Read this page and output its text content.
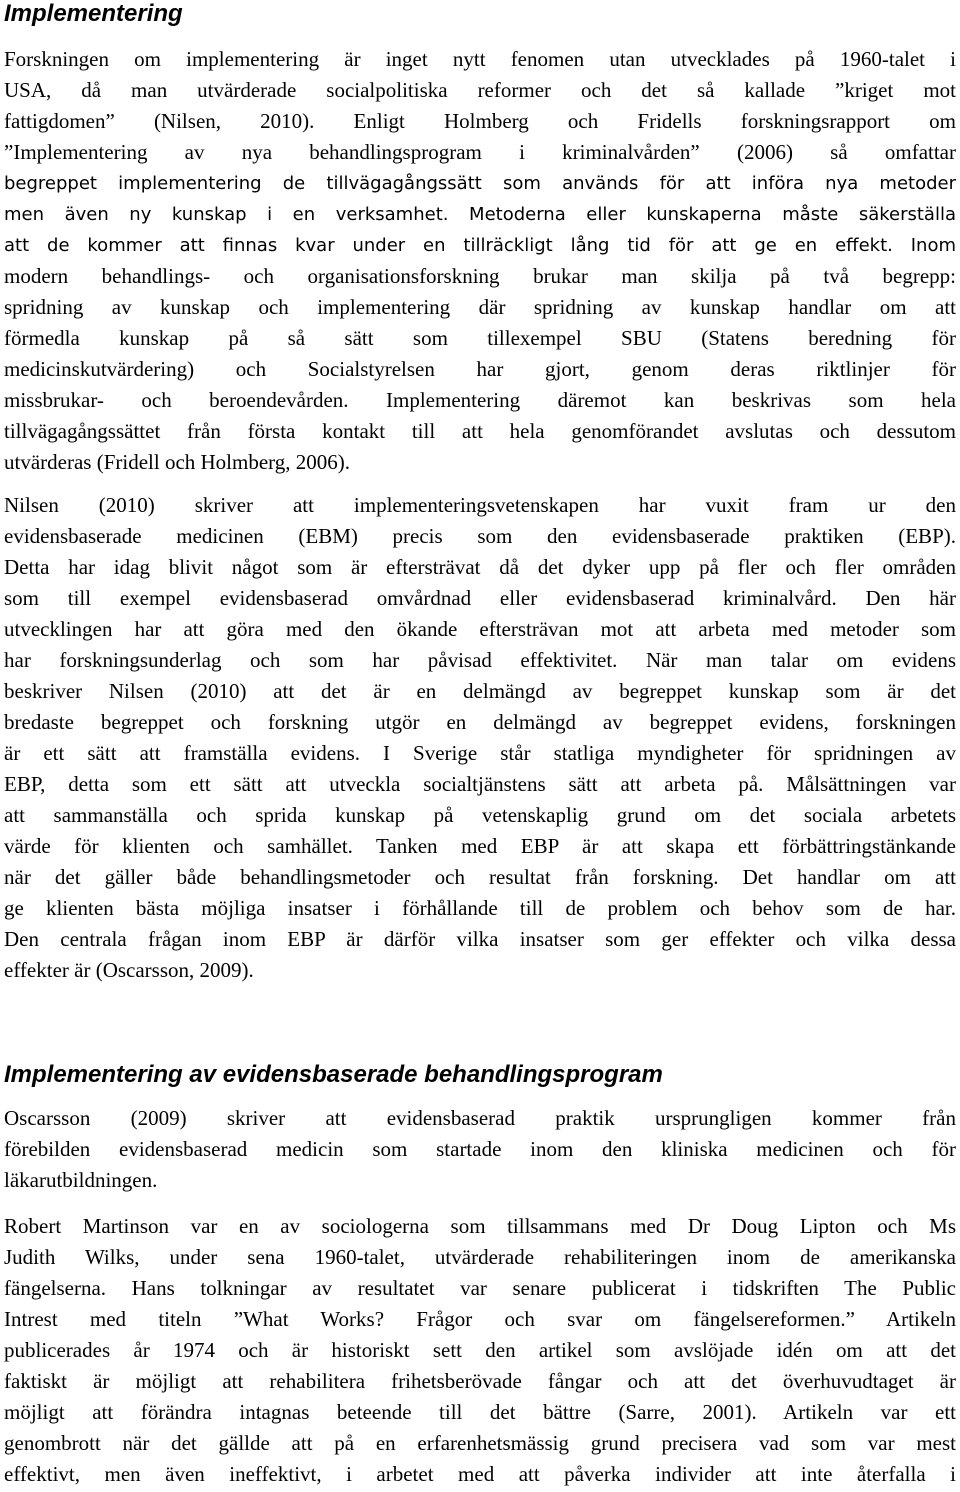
Implementering
Forskningen om implementering är inget nytt fenomen utan utvecklades på 1960-talet i
USA, då man utvärderade socialpolitiska reformer och det så kallade ”kriget mot
fattigdomen” (Nilsen, 2010). Enligt Holmberg och Fridells forskningsrapport om
”Implementering av nya behandlingsprogram i kriminalvården” (2006) så omfattar
begreppet implementering de tillvägagångssätt som används för att införa nya metoder
men även ny kunskap i en verksamhet. Metoderna eller kunskaperna måste säkerställa
att de kommer att finnas kvar under en tillräckligt lång tid för att ge en effekt. Inom
modern behandlings- och organisationsforskning brukar man skilja på två begrepp:
spridning av kunskap och implementering där spridning av kunskap handlar om att
förmedla kunskap på så sätt som tillexempel SBU (Statens beredning för
medicinskutvärdering) och Socialstyrelsen har gjort, genom deras riktlinjer för
missbrukar- och beroendevården. Implementering däremot kan beskrivas som hela
tillvägagångssättet från första kontakt till att hela genomförandet avslutas och dessutom
utvärderas (Fridell och Holmberg, 2006).
Nilsen (2010) skriver att implementeringsvetenskapen har vuxit fram ur den
evidensbaserade medicinen (EBM) precis som den evidensbaserade praktiken (EBP).
Detta har idag blivit något som är eftersträvat då det dyker upp på fler och fler områden
som till exempel evidensbaserad omvårdnad eller evidensbaserad kriminalvård. Den här
utvecklingen har att göra med den ökande eftersträvan mot att arbeta med metoder som
har forskningsunderlag och som har påvisad effektivitet. När man talar om evidens
beskriver Nilsen (2010) att det är en delmängd av begreppet kunskap som är det
bredaste begreppet och forskning utgör en delmängd av begreppet evidens, forskningen
är ett sätt att framställa evidens. I Sverige står statliga myndigheter för spridningen av
EBP, detta som ett sätt att utveckla socialtjänstens sätt att arbeta på. Målsättningen var
att sammanställa och sprida kunskap på vetenskaplig grund om det sociala arbetets
värde för klienten och samhället. Tanken med EBP är att skapa ett förbättringstänkande
när det gäller både behandlingsmetoder och resultat från forskning. Det handlar om att
ge klienten bästa möjliga insatser i förhållande till de problem och behov som de har.
Den centrala frågan inom EBP är därför vilka insatser som ger effekter och vilka dessa
effekter är (Oscarsson, 2009).
Implementering av evidensbaserade behandlingsprogram
Oscarsson (2009) skriver att evidensbaserad praktik ursprungligen kommer från
förebilden evidensbaserad medicin som startade inom den kliniska medicinen och för
läkarutbildningen.
Robert Martinson var en av sociologerna som tillsammans med Dr Doug Lipton och Ms
Judith Wilks, under sena 1960-talet, utvärderade rehabiliteringen inom de amerikanska
fängelserna. Hans tolkningar av resultatet var senare publicerat i tidskriften The Public
Intrest med titeln ”What Works? Frågor och svar om fängelsereformen.” Artikeln
publicerades år 1974 och är historiskt sett den artikel som avslöjade idén om att det
faktiskt är möjligt att rehabilitera frihetsberövade fångar och att det överhuvudtaget är
möjligt att förändra intagnas beteende till det bättre (Sarre, 2001). Artikeln var ett
genombrott när det gällde att på en erfarenhetsmässig grund precisera vad som var mest
effektivt, men även ineffektivt, i arbetet med att påverka individer att inte återfalla i
